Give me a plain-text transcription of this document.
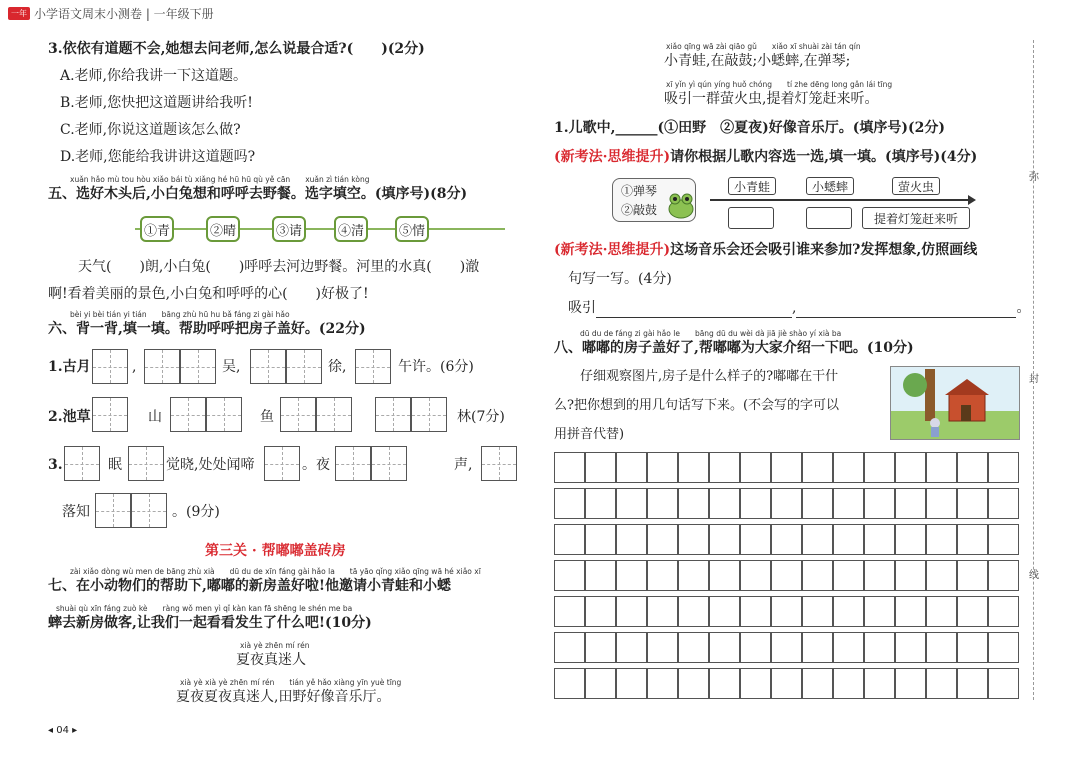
一年 小学语文周末小测卷 | 一年级下册
3.依依有道题不会,她想去问老师,怎么说最合适?(　　)(2分)
A.老师,你给我讲一下这道题。
B.老师,您快把这道题讲给我听!
C.老师,你说这道题该怎么做?
D.老师,您能给我讲讲这道题吗?
xuǎn hǎo mù tou hòu xiǎo bái tù xiǎng hé hū hū qù yě cān　　xuǎn zì tián kòng
五、选好木头后,小白兔想和呼呼去野餐。选字填空。(填序号)(8分)
①青	②晴	③请	④清	⑤情
天气(　　)朗,小白兔(　　)呼呼去河边野餐。河里的水真(　　)澈
啊!看着美丽的景色,小白兔和呼呼的心(　　)好极了!
bèi yi bèi tián yi tián　　bāng zhù hū hu bǎ fáng zi gài hǎo
六、背一背,填一填。帮助呼呼把房子盖好。(22分)
1.古月	,	吴,	徐,	午许。(6分)
2.池草	山	鱼	林(7分)
3.	眠	觉晓,处处闻啼	。夜	声,
落知	。(9分)
第三关 · 帮嘟嘟盖砖房
zài xiǎo dòng wù men de bāng zhù xià　　dū du de xīn fáng gài hǎo la　　tā yāo qǐng xiǎo qīng wā hé xiǎo xī
七、在小动物们的帮助下,嘟嘟的新房盖好啦!他邀请小青蛙和小蟋
shuài qù xīn fáng zuò kè　　ràng wǒ men yì qǐ kàn kan fā shēng le shén me ba
蟀去新房做客,让我们一起看看发生了什么吧!(10分)
xià yè zhēn mí rén
夏夜真迷人
xià yè xià yè zhēn mí rén　　tián yě hǎo xiàng yīn yuè tīng
夏夜夏夜真迷人,田野好像音乐厅。
◂ 04 ▸
xiǎo qīng wā zài qiāo gǔ　　xiǎo xī shuài zài tán qín
小青蛙,在敲鼓;小蟋蟀,在弹琴;
xī yǐn yì qún yíng huǒ chóng　　tí zhe dēng long gǎn lái tīng
吸引一群萤火虫,提着灯笼赶来听。
1.儿歌中,______(①田野　②夏夜)好像音乐厅。(填序号)(2分)
(新考法·思维提升)请你根据儿歌内容选一选,填一填。(填序号)(4分)
①弹琴
②敲鼓
小青蛙	小蟋蟀	萤火虫
提着灯笼赶来听
(新考法·思维提升)这场音乐会还会吸引谁来参加?发挥想象,仿照画线
句写一写。(4分)
吸引	,	。
dū du de fáng zi gài hǎo le　　bāng dū du wèi dà jiā jiè shào yí xià ba
八、嘟嘟的房子盖好了,帮嘟嘟为大家介绍一下吧。(10分)
仔细观察图片,房子是什么样子的?嘟嘟在干什
么?把你想到的用几句话写下来。(不会写的字可以
用拼音代替)
弥
封
线
